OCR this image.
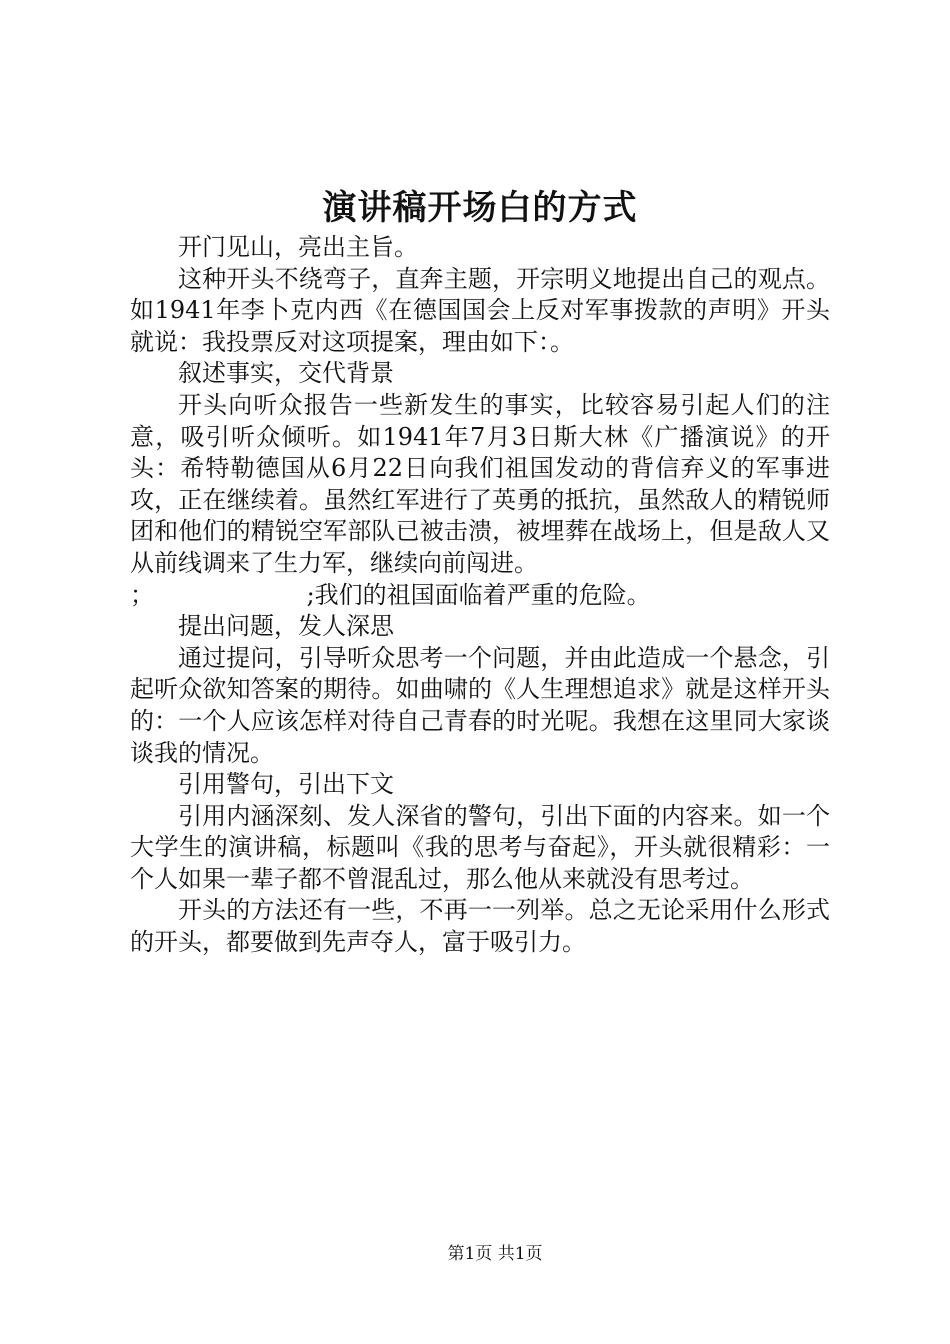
演讲稿开场白的方式

开门见山，亮出主旨。

这种开头不绕弯子，直奔主题，开宗明义地提出自己的观点。如1941年李卜克内西《在德国国会上反对军事拨款的声明》开头就说：我投票反对这项提案，理由如下：。

叙述事实，交代背景

开头向听众报告一些新发生的事实，比较容易引起人们的注意，吸引听众倾听。如1941年7月3日斯大林《广播演说》的开头：希特勒德国从6月22日向我们祖国发动的背信弃义的军事进攻，正在继续着。虽然红军进行了英勇的抵抗，虽然敌人的精锐师团和他们的精锐空军部队已被击溃，被埋葬在战场上，但是敌人又从前线调来了生力军，继续向前闯进。

；                    ;我们的祖国面临着严重的危险。

提出问题，发人深思

通过提问，引导听众思考一个问题，并由此造成一个悬念，引起听众欲知答案的期待。如曲啸的《人生理想追求》就是这样开头的：一个人应该怎样对待自己青春的时光呢。我想在这里同大家谈谈我的情况。

引用警句，引出下文

引用内涵深刻、发人深省的警句，引出下面的内容来。如一个大学生的演讲稿，标题叫《我的思考与奋起》，开头就很精彩：一个人如果一辈子都不曾混乱过，那么他从来就没有思考过。

开头的方法还有一些，不再一一列举。总之无论采用什么形式的开头，都要做到先声夺人，富于吸引力。

第1页 共1页
